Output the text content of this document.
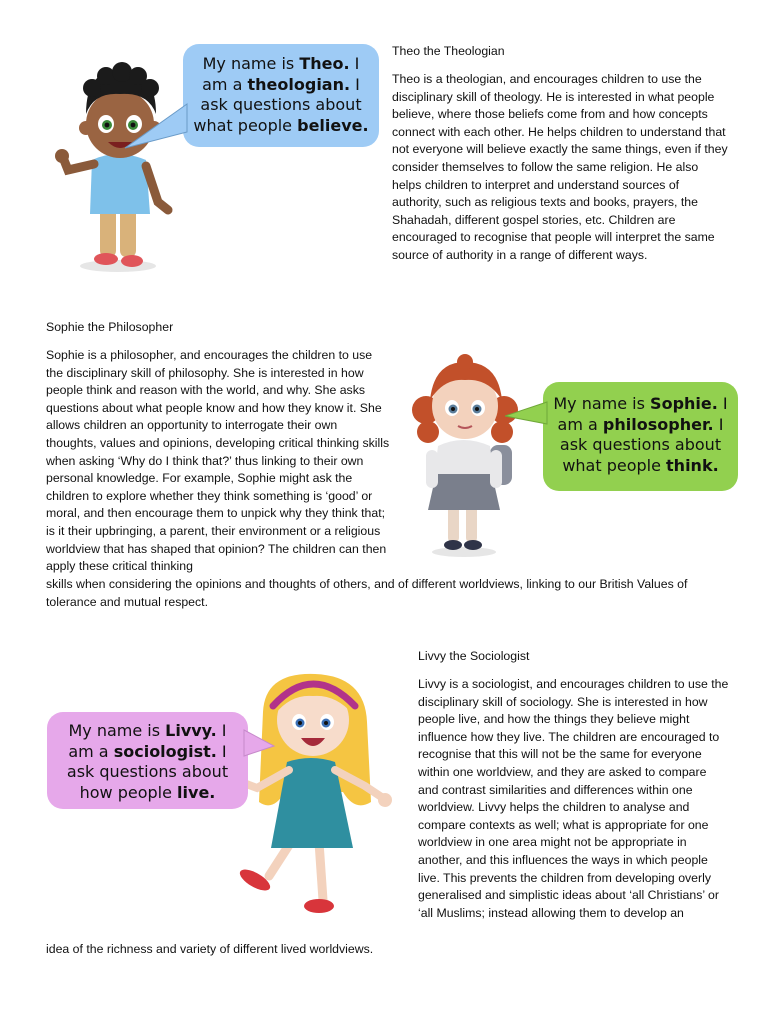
My name is Theo. I
am a theologian. I
ask questions about
what people believe.
Theo the Theologian
Theo is a theologian, and encourages children to use the disciplinary skill of theology. He is interested in what people believe, where those beliefs come from and how concepts connect with each other. He helps children to understand that not everyone will believe exactly the same things, even if they consider themselves to follow the same religion. He also helps children to interpret and understand sources of authority, such as religious texts and books, prayers, the Shahadah, different gospel stories, etc. Children are encouraged to recognise that people will interpret the same source of authority in a range of different ways.
Sophie the Philosopher
Sophie is a philosopher, and encourages the children to use the disciplinary skill of philosophy. She is interested in how people think and reason with the world, and why. She asks questions about what people know and how they know it. She allows children an opportunity to interrogate their own thoughts, values and opinions, developing critical thinking skills when asking ‘Why do I think that?’ thus linking to their own personal knowledge. For example, Sophie might ask the children to explore whether they think something is ‘good’ or moral, and then encourage them to unpick why they think that; is it their upbringing, a parent, their environment or a religious worldview that has shaped that opinion? The children can then apply these critical thinking
skills when considering the opinions and thoughts of others, and of different worldviews, linking to our British Values of tolerance and mutual respect.
My name is Sophie. I
am a philosopher. I
ask questions about
what people think.
Livvy the Sociologist
Livvy is a sociologist, and encourages children to use the disciplinary skill of sociology. She is interested in how people live, and how the things they believe might influence how they live. The children are encouraged to recognise that this will not be the same for everyone within one worldview, and they are asked to compare and contrast similarities and differences within one worldview. Livvy helps the children to analyse and compare contexts as well; what is appropriate for one worldview in one area might not be appropriate in another, and this influences the ways in which people live. This prevents the children from developing overly generalised and simplistic ideas about ‘all Christians’ or ‘all Muslims; instead allowing them to develop an
idea of the richness and variety of different lived worldviews.
My name is Livvy. I
am a sociologist. I
ask questions about
how people live.
